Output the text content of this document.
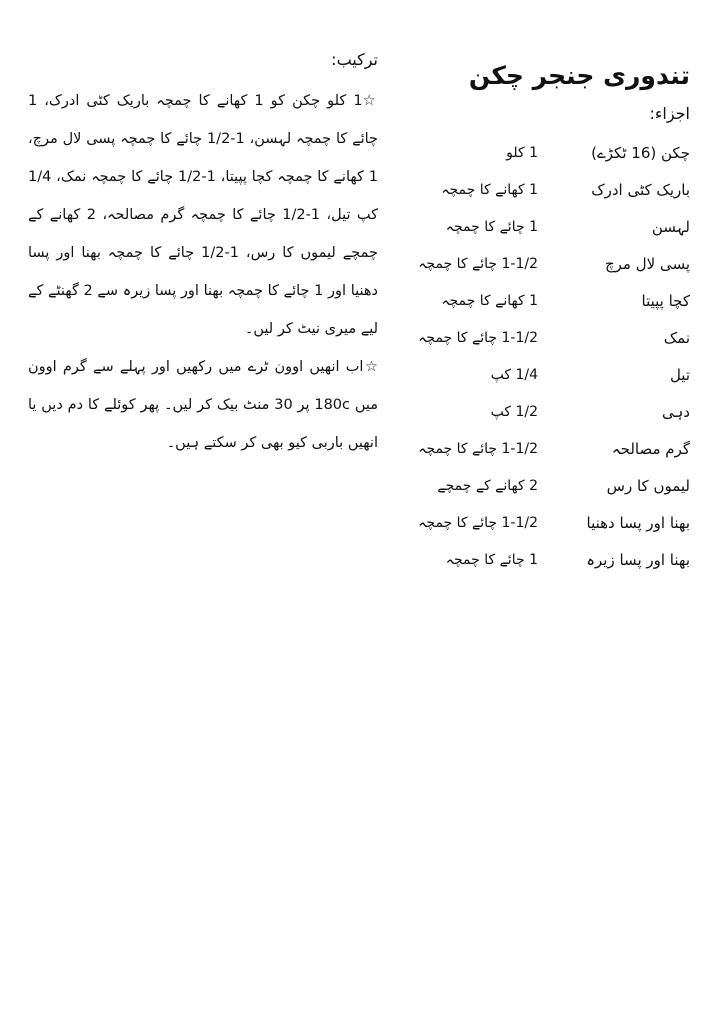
تندوری جنجر چکن
اجزاء:
چکن (16 ٹکڑے)
1 کلو
باریک کٹی ادرک
1 کھانے کا چمچہ
لہسن
1 چائے کا چمچہ
پسی لال مرچ
1-1/2 چائے کا چمچہ
کچا پپیتا
1 کھانے کا چمچہ
نمک
1-1/2 چائے کا چمچہ
تیل
1/4 کپ
دہی
1/2 کپ
گرم مصالحہ
1-1/2 چائے کا چمچہ
لیموں کا رس
2 کھانے کے چمچے
بھنا اور پسا دھنیا
1-1/2 چائے کا چمچہ
بھنا اور پسا زیرہ
1 چائے کا چمچہ
ترکیب:

☆1 کلو چکن کو 1 کھانے کا چمچہ باریک کٹی ادرک، 1 چائے کا چمچہ لہسن، 1-1/2 چائے کا چمچہ پسی لال مرچ، 1 کھانے کا چمچہ کچا پپیتا، 1-1/2 چائے کا چمچہ نمک، 1/4 کپ تیل، 1-1/2 چائے کا چمچہ گرم مصالحہ، 2 کھانے کے چمچے لیموں کا رس، 1-1/2 چائے کا چمچہ بھنا اور پسا دھنیا اور 1 چائے کا چمچہ بھنا اور پسا زیرہ سے 2 گھنٹے کے لیے میری نیٹ کر لیں۔

☆اب انھیں اوون ٹرے میں رکھیں اور پہلے سے گرم اوون میں 180c پر 30 منٹ بیک کر لیں۔ پھر کوئلے کا دم دیں یا انھیں باربی کیو بھی کر سکتے ہیں۔
